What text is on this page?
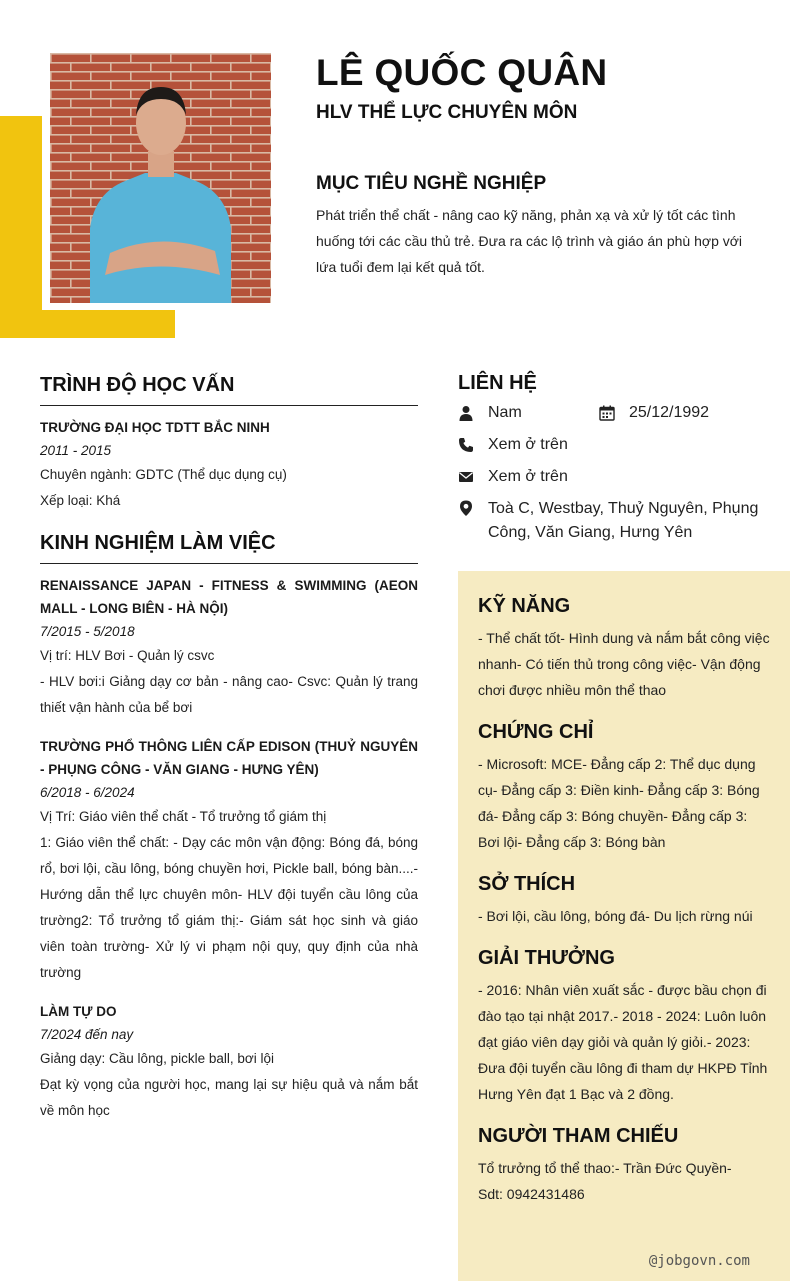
LÊ QUỐC QUÂN
HLV THỂ LỰC CHUYÊN MÔN
MỤC TIÊU NGHỀ NGHIỆP
Phát triển thể chất - nâng cao kỹ năng, phản xạ và xử lý tốt các tình huống tới các cầu thủ trẻ. Đưa ra các lộ trình và giáo án phù hợp với lứa tuổi đem lại kết quả tốt.
TRÌNH ĐỘ HỌC VẤN
TRƯỜNG ĐẠI HỌC TDTT BẮC NINH
2011 - 2015
Chuyên ngành: GDTC (Thể dục dụng cụ)
Xếp loại: Khá
KINH NGHIỆM LÀM VIỆC
RENAISSANCE JAPAN - FITNESS & SWIMMING (AEON MALL - LONG BIÊN - HÀ NỘI)
7/2015 - 5/2018
Vị trí: HLV Bơi - Quản lý csvc
- HLV bơi:i Giảng dạy cơ bản - nâng cao- Csvc: Quản lý trang thiết vận hành của bể bơi
TRƯỜNG PHỔ THÔNG LIÊN CẤP EDISON (THUỶ NGUYÊN - PHỤNG CÔNG - VĂN GIANG - HƯNG YÊN)
6/2018 - 6/2024
Vị Trí: Giáo viên thể chất - Tổ trưởng tổ giám thị
1: Giáo viên thể chất: - Dạy các môn vận động: Bóng đá, bóng rổ, bơi lội, cầu lông, bóng chuyền hơi, Pickle ball, bóng bàn....- Hướng dẫn thể lực chuyên môn- HLV đội tuyển cầu lông của trường2: Tổ trưởng tổ giám thị:- Giám sát học sinh và giáo viên toàn trường- Xử lý vi phạm nội quy, quy định của nhà trường
LÀM TỰ DO
7/2024 đến nay
Giảng dạy: Cầu lông, pickle ball, bơi lội
Đạt kỳ vọng của người học, mang lại sự hiệu quả và nắm bắt về môn học
LIÊN HỆ
Nam	25/12/1992
Xem ở trên
Xem ở trên
Toà C, Westbay, Thuỷ Nguyên, Phụng Công, Văn Giang, Hưng Yên
KỸ NĂNG
- Thể chất tốt- Hình dung và nắm bắt công việc nhanh- Có tiến thủ trong công việc- Vận động chơi được nhiều môn thể thao
CHỨNG CHỈ
- Microsoft: MCE- Đẳng cấp 2: Thể dục dụng cụ- Đẳng cấp 3: Điền kinh- Đẳng cấp 3: Bóng đá- Đẳng cấp 3: Bóng chuyền- Đẳng cấp 3: Bơi lội- Đẳng cấp 3: Bóng bàn
SỞ THÍCH
- Bơi lội, cầu lông, bóng đá- Du lịch rừng núi
GIẢI THƯỞNG
- 2016: Nhân viên xuất sắc - được bầu chọn đi đào tạo tại nhật 2017.- 2018 - 2024: Luôn luôn đạt giáo viên dạy giỏi và quản lý giỏi.- 2023: Đưa đội tuyển cầu lông đi tham dự HKPĐ Tỉnh Hưng Yên đạt 1 Bạc và 2 đồng.
NGƯỜI THAM CHIẾU
Tổ trưởng tổ thể thao:- Trần Đức Quyền- Sdt: 0942431486
@jobgovn.com
